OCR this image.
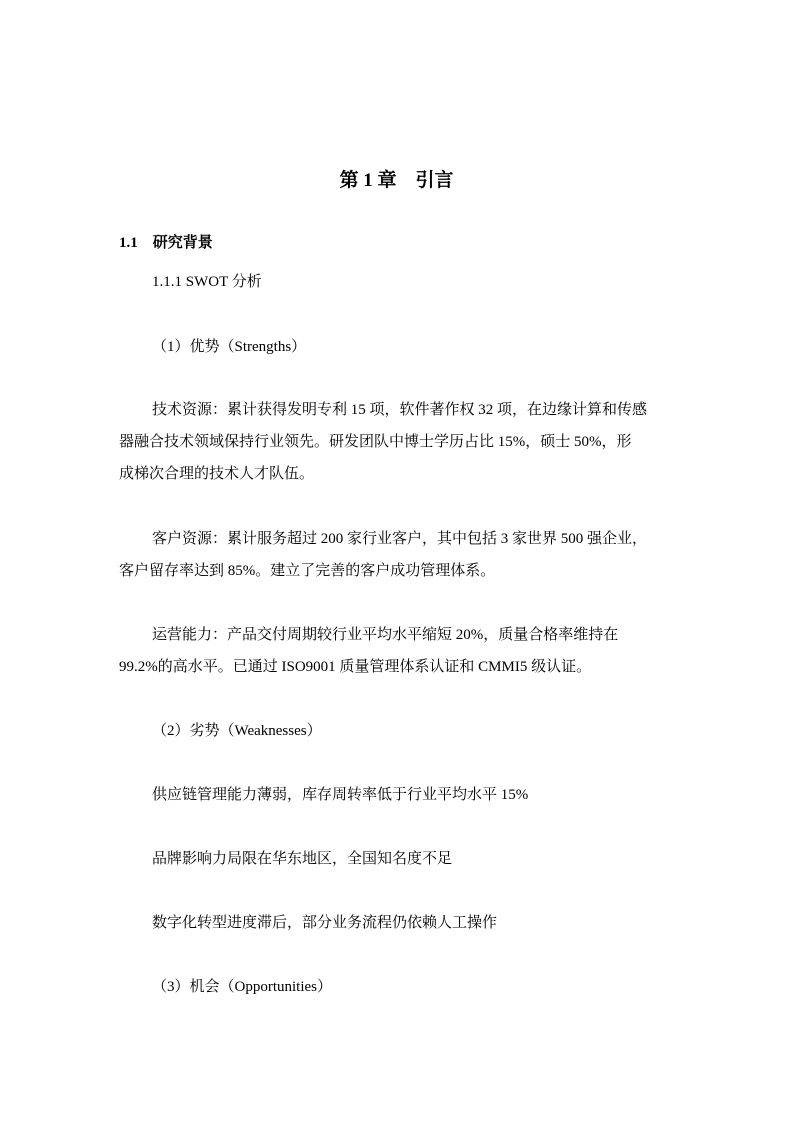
第 1 章　引言
1.1　研究背景
1.1.1 SWOT 分析
（1）优势（Strengths）
技术资源：累计获得发明专利 15 项，软件著作权 32 项，在边缘计算和传感
器融合技术领域保持行业领先。研发团队中博士学历占比 15%，硕士 50%，形
成梯次合理的技术人才队伍。
客户资源：累计服务超过 200 家行业客户，其中包括 3 家世界 500 强企业，
客户留存率达到 85%。建立了完善的客户成功管理体系。
运营能力：产品交付周期较行业平均水平缩短 20%，质量合格率维持在
99.2%的高水平。已通过 ISO9001 质量管理体系认证和 CMMI5 级认证。
（2）劣势（Weaknesses）
供应链管理能力薄弱，库存周转率低于行业平均水平 15%
品牌影响力局限在华东地区，全国知名度不足
数字化转型进度滞后，部分业务流程仍依赖人工操作
（3）机会（Opportunities）
